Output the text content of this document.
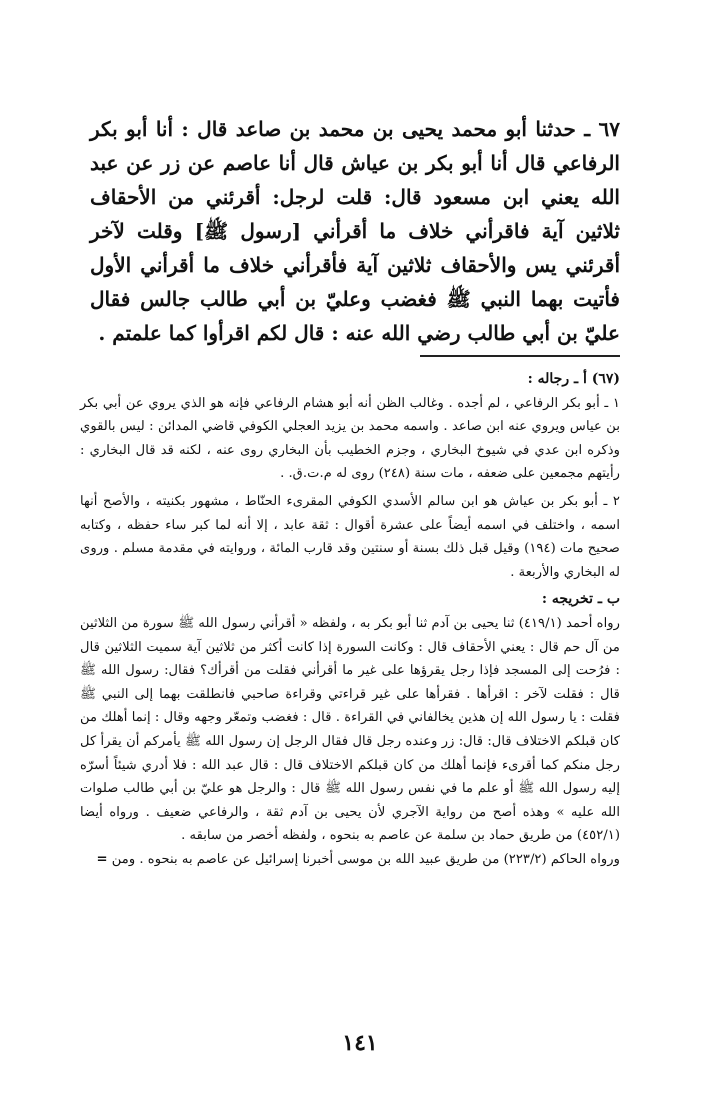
٦٧ ـ حدثنا أبو محمد يحيى بن محمد بن صاعد قال : أنا أبو بكر الرفاعي قال أنا أبو بكر بن عياش قال أنا عاصم عن زر عن عبد الله يعني ابن مسعود قال: قلت لرجل: أقرئني من الأحقاف ثلاثين آية فاقرأني خلاف ما أقرأني [رسول ﷺ] وقلت لآخر أقرئني يس والأحقاف ثلاثين آية فأقرأني خلاف ما أقرأني الأول فأتيت بهما النبي ﷺ فغضب وعليّ بن أبي طالب جالس فقال عليّ بن أبي طالب رضي الله عنه : قال لكم اقرأوا كما علمتم .

(٦٧) أ ـ رجاله :

١ ـ أبو بكر الرفاعي ، لم أجده . وغالب الظن أنه أبو هشام الرفاعي فإنه هو الذي يروي عن أبي بكر بن عياس ويروي عنه ابن صاعد . واسمه محمد بن يزيد العجلي الكوفي قاضي المدائن : ليس بالقوي وذكره ابن عدي في شيوخ البخاري ، وجزم الخطيب بأن البخاري روى عنه ، لكنه قد قال البخاري : رأيتهم مجمعين على ضعفه ، مات سنة (٢٤٨) روى له م.ت.ق. .

٢ ـ أبو بكر بن عياش هو ابن سالم الأسدي الكوفي المقرىء الحنّاط ، مشهور بكنيته ، والأصح أنها اسمه ، واختلف في اسمه أيضاً على عشرة أقوال : ثقة عابد ، إلا أنه لما كبر ساء حفظه ، وكتابه صحيح مات (١٩٤) وقيل قبل ذلك بسنة أو سنتين وقد قارب المائة ، وروايته في مقدمة مسلم . وروى له البخاري والأربعة .

ب ـ تخريجه :

رواه أحمد (٤١٩/١) ثنا يحيى بن آدم ثنا أبو بكر به ، ولفظه « أقرأني رسول الله ﷺ سورة من الثلاثين من آل حم قال : يعني الأحقاف قال : وكانت السورة إذا كانت أكثر من ثلاثين آية سميت الثلاثين قال : فرُحت إلى المسجد فإذا رجل يقرؤها على غير ما أقرأني فقلت من أقرأك؟ فقال: رسول الله ﷺ قال : فقلت لآخر : اقرأها . فقرأها على غير قراءتي وقراءة صاحبي فانطلقت بهما إلى النبي ﷺ فقلت : يا رسول الله إن هذين يخالفاني في القراءة . قال : فغضب وتمعّر وجهه وقال : إنما أهلك من كان قبلكم الاختلاف قال: قال: زر وعنده رجل قال فقال الرجل إن رسول الله ﷺ يأمركم أن يقرأ كل رجل منكم كما أقرىء فإنما أهلك من كان قبلكم الاختلاف قال : قال عبد الله : فلا أدري شيئاً أسرّه إليه رسول الله ﷺ أو علم ما في نفس رسول الله ﷺ قال : والرجل هو عليّ بن أبي طالب صلوات الله عليه » وهذه أصح من رواية الآجري لأن يحيى بن آدم ثقة ، والرفاعي ضعيف . ورواه أيضا (٤٥٢/١) من طريق حماد بن سلمة عن عاصم به بنحوه ، ولفظه أخصر من سابقه .

ورواه الحاكم (٢٢٣/٢) من طريق عبيد الله بن موسى أخبرنا إسرائيل عن عاصم به بنحوه . ومن =

١٤١
